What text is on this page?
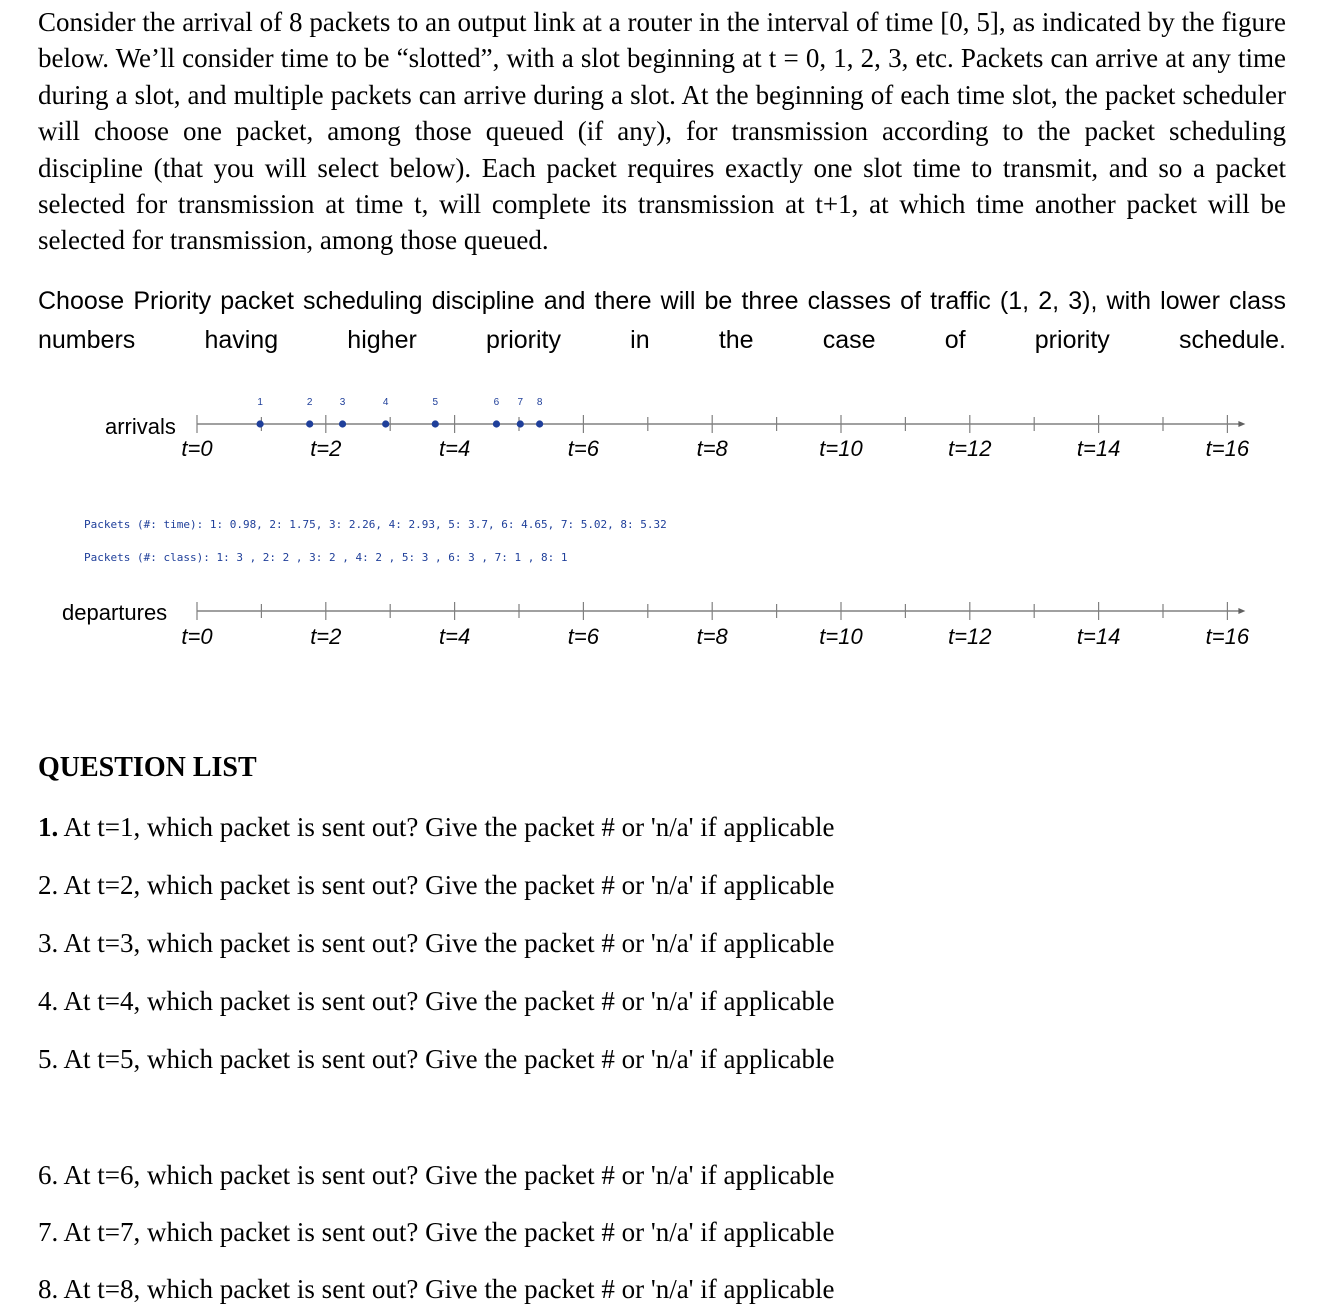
Consider the arrival of 8 packets to an output link at a router in the interval of time [0, 5], as indicated by the figure below. We’ll consider time to be “slotted”, with a slot beginning at t = 0, 1, 2, 3, etc. Packets can arrive at any time during a slot, and multiple packets can arrive during a slot. At the beginning of each time slot, the packet scheduler will choose one packet, among those queued (if any), for transmission according to the packet scheduling discipline (that you will select below). Each packet requires exactly one slot time to transmit, and so a packet selected for transmission at time t, will complete its transmission at t+1, at which time another packet will be selected for transmission, among those queued.

Choose Priority packet scheduling discipline and there will be three classes of traffic (1, 2, 3), with lower class numbers having higher priority in the case of priority schedule.

arrivals
t=0	t=2	t=4	t=6	t=8	t=10	t=12	t=14	t=16
1	2	3	4	5	6 7 8
Packets (#: time): 1: 0.98, 2: 1.75, 3: 2.26, 4: 2.93, 5: 3.7, 6: 4.65, 7: 5.02, 8: 5.32
Packets (#: class): 1: 3 , 2: 2 , 3: 2 , 4: 2 , 5: 3 , 6: 3 , 7: 1 , 8: 1
departures
t=0	t=2	t=4	t=6	t=8	t=10	t=12	t=14	t=16
QUESTION LIST
1. At t=1, which packet is sent out? Give the packet # or 'n/a' if applicable
2. At t=2, which packet is sent out? Give the packet # or 'n/a' if applicable
3. At t=3, which packet is sent out? Give the packet # or 'n/a' if applicable
4. At t=4, which packet is sent out? Give the packet # or 'n/a' if applicable
5. At t=5, which packet is sent out? Give the packet # or 'n/a' if applicable
6. At t=6, which packet is sent out? Give the packet # or 'n/a' if applicable
7. At t=7, which packet is sent out? Give the packet # or 'n/a' if applicable
8. At t=8, which packet is sent out? Give the packet # or 'n/a' if applicable
